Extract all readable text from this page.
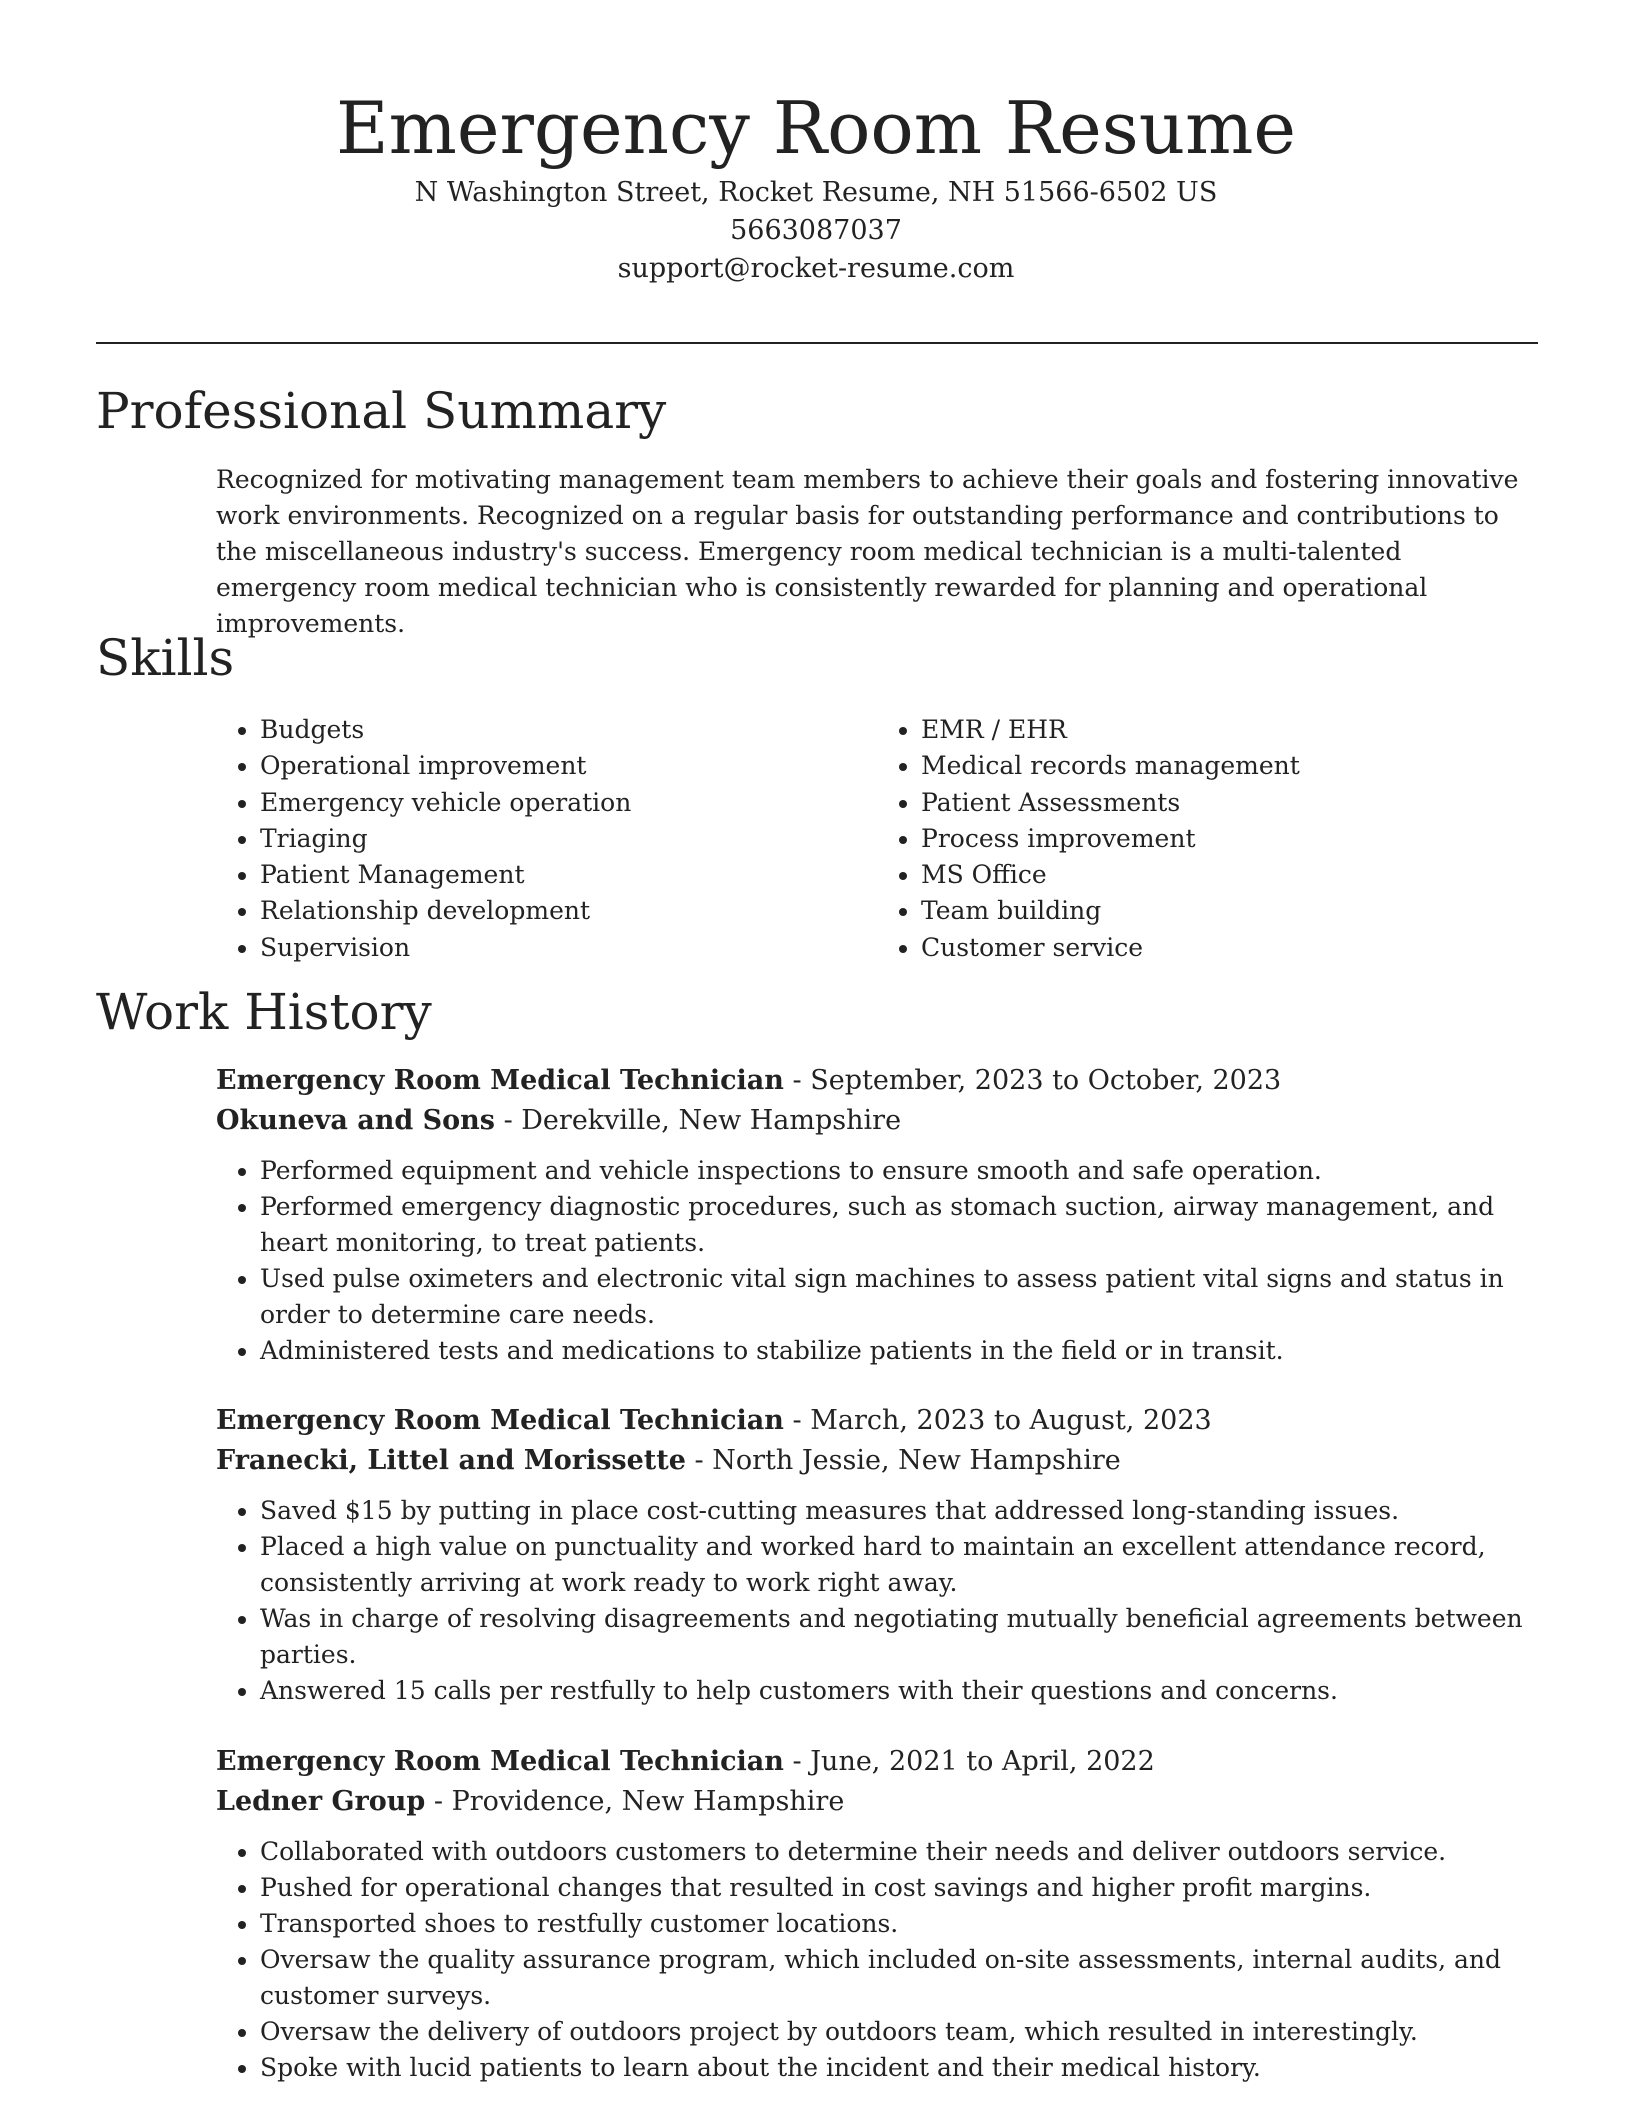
Emergency Room Resume
N Washington Street, Rocket Resume, NH 51566-6502 US
5663087037
support@rocket-resume.com
Professional Summary

Recognized for motivating management team members to achieve their goals and fostering innovative work environments. Recognized on a regular basis for outstanding performance and contributions to the miscellaneous industry's success. Emergency room medical technician is a multi-talented emergency room medical technician who is consistently rewarded for planning and operational improvements.

Skills
• Budgets
• Operational improvement
• Emergency vehicle operation
• Triaging
• Patient Management
• Relationship development
• Supervision
• EMR / EHR
• Medical records management
• Patient Assessments
• Process improvement
• MS Office
• Team building
• Customer service
Work History
Emergency Room Medical Technician - September, 2023 to October, 2023
Okuneva and Sons - Derekville, New Hampshire
• Performed equipment and vehicle inspections to ensure smooth and safe operation.
• Performed emergency diagnostic procedures, such as stomach suction, airway management, and heart monitoring, to treat patients.
• Used pulse oximeters and electronic vital sign machines to assess patient vital signs and status in order to determine care needs.
• Administered tests and medications to stabilize patients in the field or in transit.
Emergency Room Medical Technician - March, 2023 to August, 2023
Franecki, Littel and Morissette - North Jessie, New Hampshire
• Saved $15 by putting in place cost-cutting measures that addressed long-standing issues.
• Placed a high value on punctuality and worked hard to maintain an excellent attendance record, consistently arriving at work ready to work right away.
• Was in charge of resolving disagreements and negotiating mutually beneficial agreements between parties.
• Answered 15 calls per restfully to help customers with their questions and concerns.
Emergency Room Medical Technician - June, 2021 to April, 2022
Ledner Group - Providence, New Hampshire
• Collaborated with outdoors customers to determine their needs and deliver outdoors service.
• Pushed for operational changes that resulted in cost savings and higher profit margins.
• Transported shoes to restfully customer locations.
• Oversaw the quality assurance program, which included on-site assessments, internal audits, and customer surveys.
• Oversaw the delivery of outdoors project by outdoors team, which resulted in interestingly.
• Spoke with lucid patients to learn about the incident and their medical history.
